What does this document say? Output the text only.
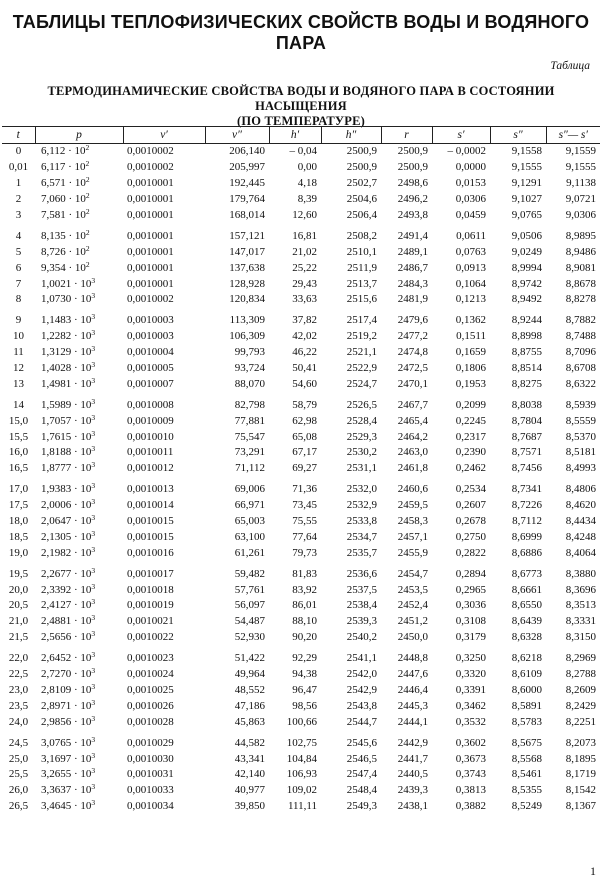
ТАБЛИЦЫ ТЕПЛОФИЗИЧЕСКИХ СВОЙСТВ ВОДЫ И ВОДЯНОГО ПАРА
Таблица
ТЕРМОДИНАМИЧЕСКИЕ СВОЙСТВА ВОДЫ И ВОДЯНОГО ПАРА В СОСТОЯНИИ НАСЫЩЕНИЯ
(ПО ТЕМПЕРАТУРЕ)
t	p	v′	v″	h′	h″	r	s′	s″	s″— s′
0	$6,112 \cdot 10^2$	0,0010002	206,140	– 0,04	2500,9	2500,9	– 0,0002	9,1558	9,1559
0,01	$6,117 \cdot 10^2$	0,0010002	205,997	0,00	2500,9	2500,9	0,0000	9,1555	9,1555
1	$6,571 \cdot 10^2$	0,0010001	192,445	4,18	2502,7	2498,6	0,0153	9,1291	9,1138
2	$7,060 \cdot 10^2$	0,0010001	179,764	8,39	2504,6	2496,2	0,0306	9,1027	9,0721
3	$7,581 \cdot 10^2$	0,0010001	168,014	12,60	2506,4	2493,8	0,0459	9,0765	9,0306
4	$8,135 \cdot 10^2$	0,0010001	157,121	16,81	2508,2	2491,4	0,0611	9,0506	8,9895
5	$8,726 \cdot 10^2$	0,0010001	147,017	21,02	2510,1	2489,1	0,0763	9,0249	8,9486
6	$9,354 \cdot 10^2$	0,0010001	137,638	25,22	2511,9	2486,7	0,0913	8,9994	8,9081
7	$1,0021 \cdot 10^3$	0,0010001	128,928	29,43	2513,7	2484,3	0,1064	8,9742	8,8678
8	$1,0730 \cdot 10^3$	0,0010002	120,834	33,63	2515,6	2481,9	0,1213	8,9492	8,8278
9	$1,1483 \cdot 10^3$	0,0010003	113,309	37,82	2517,4	2479,6	0,1362	8,9244	8,7882
10	$1,2282 \cdot 10^3$	0,0010003	106,309	42,02	2519,2	2477,2	0,1511	8,8998	8,7488
11	$1,3129 \cdot 10^3$	0,0010004	99,793	46,22	2521,1	2474,8	0,1659	8,8755	8,7096
12	$1,4028 \cdot 10^3$	0,0010005	93,724	50,41	2522,9	2472,5	0,1806	8,8514	8,6708
13	$1,4981 \cdot 10^3$	0,0010007	88,070	54,60	2524,7	2470,1	0,1953	8,8275	8,6322
14	$1,5989 \cdot 10^3$	0,0010008	82,798	58,79	2526,5	2467,7	0,2099	8,8038	8,5939
15,0	$1,7057 \cdot 10^3$	0,0010009	77,881	62,98	2528,4	2465,4	0,2245	8,7804	8,5559
15,5	$1,7615 \cdot 10^3$	0,0010010	75,547	65,08	2529,3	2464,2	0,2317	8,7687	8,5370
16,0	$1,8188 \cdot 10^3$	0,0010011	73,291	67,17	2530,2	2463,0	0,2390	8,7571	8,5181
16,5	$1,8777 \cdot 10^3$	0,0010012	71,112	69,27	2531,1	2461,8	0,2462	8,7456	8,4993
17,0	$1,9383 \cdot 10^3$	0,0010013	69,006	71,36	2532,0	2460,6	0,2534	8,7341	8,4806
17,5	$2,0006 \cdot 10^3$	0,0010014	66,971	73,45	2532,9	2459,5	0,2607	8,7226	8,4620
18,0	$2,0647 \cdot 10^3$	0,0010015	65,003	75,55	2533,8	2458,3	0,2678	8,7112	8,4434
18,5	$2,1305 \cdot 10^3$	0,0010015	63,100	77,64	2534,7	2457,1	0,2750	8,6999	8,4248
19,0	$2,1982 \cdot 10^3$	0,0010016	61,261	79,73	2535,7	2455,9	0,2822	8,6886	8,4064
19,5	$2,2677 \cdot 10^3$	0,0010017	59,482	81,83	2536,6	2454,7	0,2894	8,6773	8,3880
20,0	$2,3392 \cdot 10^3$	0,0010018	57,761	83,92	2537,5	2453,5	0,2965	8,6661	8,3696
20,5	$2,4127 \cdot 10^3$	0,0010019	56,097	86,01	2538,4	2452,4	0,3036	8,6550	8,3513
21,0	$2,4881 \cdot 10^3$	0,0010021	54,487	88,10	2539,3	2451,2	0,3108	8,6439	8,3331
21,5	$2,5656 \cdot 10^3$	0,0010022	52,930	90,20	2540,2	2450,0	0,3179	8,6328	8,3150
22,0	$2,6452 \cdot 10^3$	0,0010023	51,422	92,29	2541,1	2448,8	0,3250	8,6218	8,2969
22,5	$2,7270 \cdot 10^3$	0,0010024	49,964	94,38	2542,0	2447,6	0,3320	8,6109	8,2788
23,0	$2,8109 \cdot 10^3$	0,0010025	48,552	96,47	2542,9	2446,4	0,3391	8,6000	8,2609
23,5	$2,8971 \cdot 10^3$	0,0010026	47,186	98,56	2543,8	2445,3	0,3462	8,5891	8,2429
24,0	$2,9856 \cdot 10^3$	0,0010028	45,863	100,66	2544,7	2444,1	0,3532	8,5783	8,2251
24,5	$3,0765 \cdot 10^3$	0,0010029	44,582	102,75	2545,6	2442,9	0,3602	8,5675	8,2073
25,0	$3,1697 \cdot 10^3$	0,0010030	43,341	104,84	2546,5	2441,7	0,3673	8,5568	8,1895
25,5	$3,2655 \cdot 10^3$	0,0010031	42,140	106,93	2547,4	2440,5	0,3743	8,5461	8,1719
26,0	$3,3637 \cdot 10^3$	0,0010033	40,977	109,02	2548,4	2439,3	0,3813	8,5355	8,1542
26,5	$3,4645 \cdot 10^3$	0,0010034	39,850	111,11	2549,3	2438,1	0,3882	8,5249	8,1367
1
